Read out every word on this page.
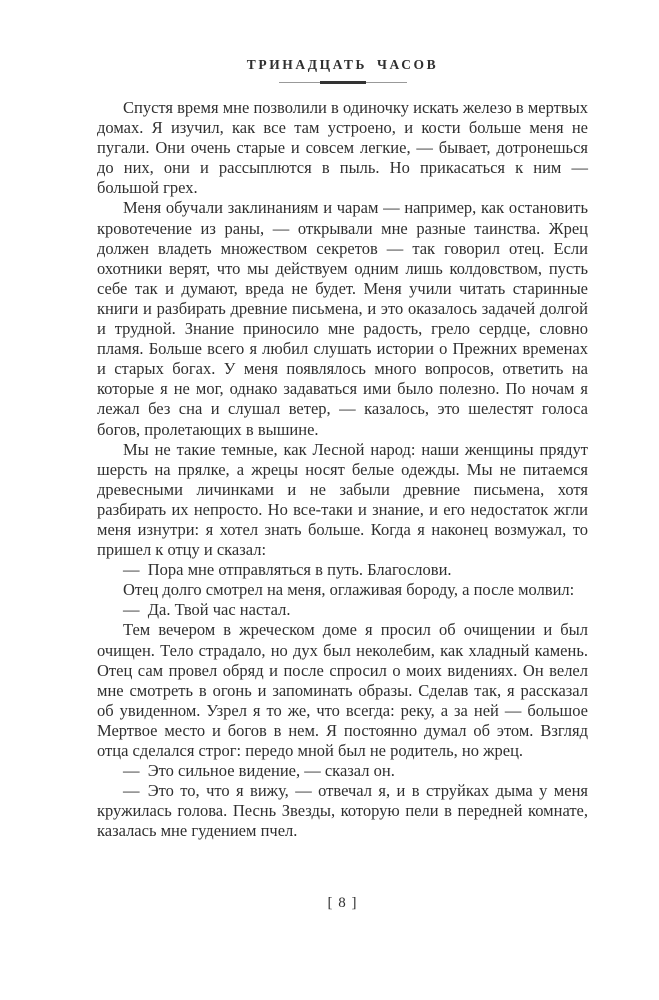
ТРИНАДЦАТЬ ЧАСОВ

Спустя время мне позволили в одиночку искать железо в мертвых домах. Я изучил, как все там устроено, и кости больше меня не пугали. Они очень старые и совсем легкие, — бывает, дотронешься до них, они и рассыплются в пыль. Но прикасаться к ним — большой грех.

Меня обучали заклинаниям и чарам — например, как остановить кровотечение из раны, — открывали мне разные таинства. Жрец должен владеть множеством секретов — так говорил отец. Если охотники верят, что мы действуем одним лишь колдовством, пусть себе так и думают, вреда не будет. Меня учили читать старинные книги и разбирать древние письмена, и это оказалось задачей долгой и трудной. Знание приносило мне радость, грело сердце, словно пламя. Больше всего я любил слушать истории о Прежних временах и старых богах. У меня появлялось много вопросов, ответить на которые я не мог, однако задаваться ими было полезно. По ночам я лежал без сна и слушал ветер, — казалось, это шелестят голоса богов, пролетающих в вышине.

Мы не такие темные, как Лесной народ: наши женщины прядут шерсть на прялке, а жрецы носят белые одежды. Мы не питаемся древесными личинками и не забыли древние письмена, хотя разбирать их непросто. Но все-таки и знание, и его недостаток жгли меня изнутри: я хотел знать больше. Когда я наконец возмужал, то пришел к отцу и сказал:

— Пора мне отправляться в путь. Благослови.

Отец долго смотрел на меня, оглаживая бороду, а после молвил:

— Да. Твой час настал.

Тем вечером в жреческом доме я просил об очищении и был очищен. Тело страдало, но дух был неколебим, как хладный камень. Отец сам провел обряд и после спросил о моих видениях. Он велел мне смотреть в огонь и запоминать образы. Сделав так, я рассказал об увиденном. Узрел я то же, что всегда: реку, а за ней — большое Мертвое место и богов в нем. Я постоянно думал об этом. Взгляд отца сделался строг: передо мной был не родитель, но жрец.

— Это сильное видение, — сказал он.

— Это то, что я вижу, — отвечал я, и в струйках дыма у меня кружилась голова. Песнь Звезды, которую пели в передней комнате, казалась мне гудением пчел.

[ 8 ]
